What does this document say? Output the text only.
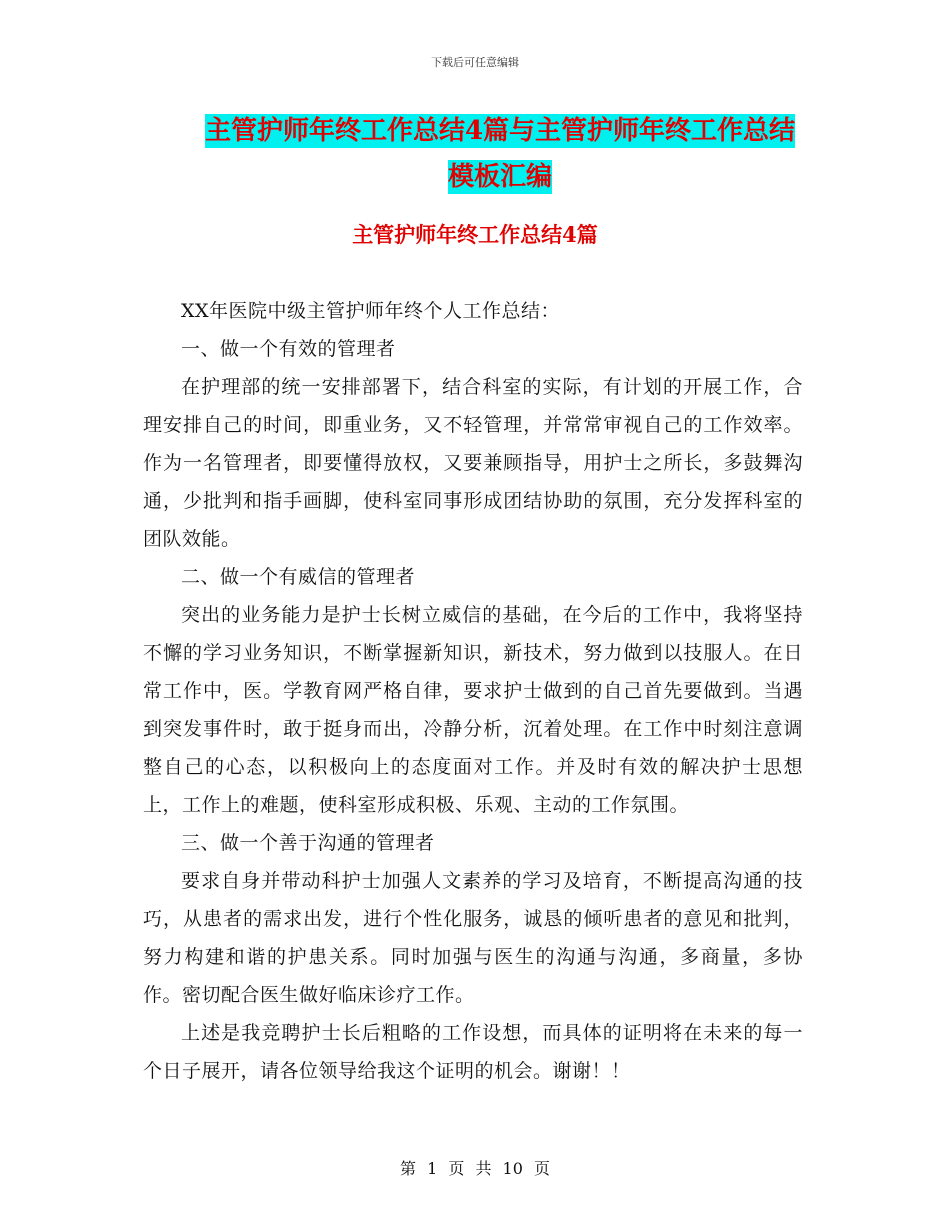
下载后可任意编辑
主管护师年终工作总结4篇与主管护师年终工作总结
模板汇编
主管护师年终工作总结4篇

XX年医院中级主管护师年终个人工作总结：

一、做一个有效的管理者

在护理部的统一安排部署下，结合科室的实际，有计划的开展工作，合理安排自己的时间，即重业务，又不轻管理，并常常审视自己的工作效率。作为一名管理者，即要懂得放权，又要兼顾指导，用护士之所长，多鼓舞沟通，少批判和指手画脚，使科室同事形成团结协助的氛围，充分发挥科室的团队效能。

二、做一个有威信的管理者

突出的业务能力是护士长树立威信的基础，在今后的工作中，我将坚持不懈的学习业务知识，不断掌握新知识，新技术，努力做到以技服人。在日常工作中，医。学教育网严格自律，要求护士做到的自己首先要做到。当遇到突发事件时，敢于挺身而出，冷静分析，沉着处理。在工作中时刻注意调整自己的心态，以积极向上的态度面对工作。并及时有效的解决护士思想上，工作上的难题，使科室形成积极、乐观、主动的工作氛围。

三、做一个善于沟通的管理者

要求自身并带动科护士加强人文素养的学习及培育，不断提高沟通的技巧，从患者的需求出发，进行个性化服务，诚恳的倾听患者的意见和批判，努力构建和谐的护患关系。同时加强与医生的沟通与沟通，多商量，多协作。密切配合医生做好临床诊疗工作。

上述是我竞聘护士长后粗略的工作设想，而具体的证明将在未来的每一个日子展开，请各位领导给我这个证明的机会。谢谢！！

第 1 页 共 10 页
